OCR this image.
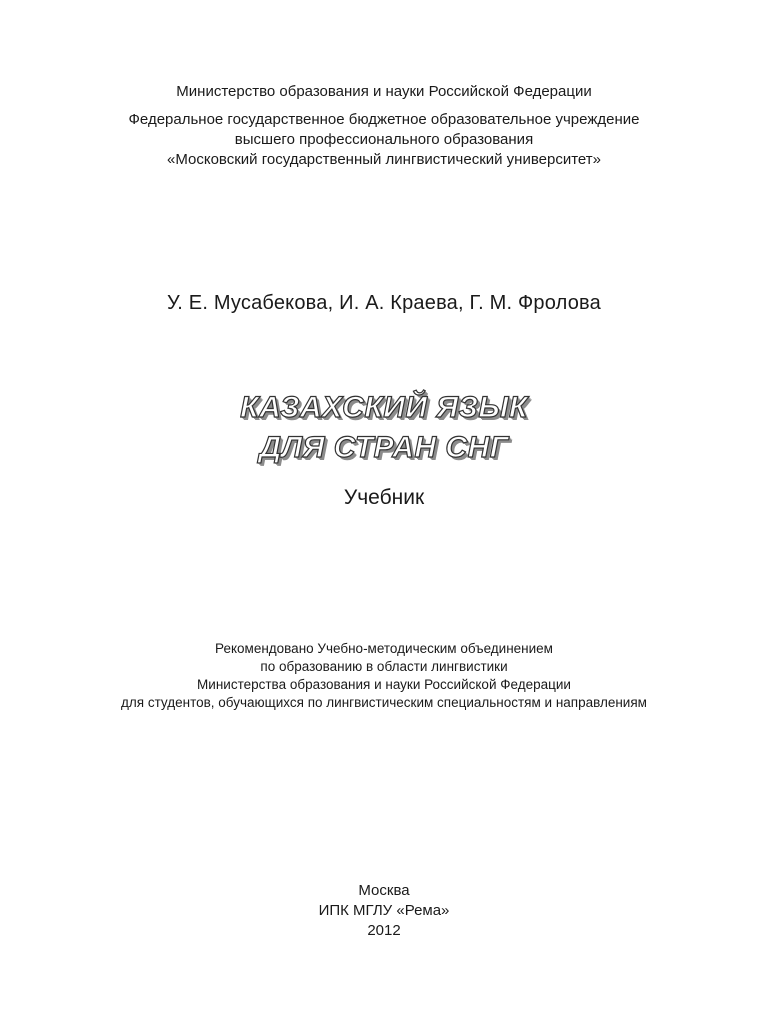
Министерство образования и науки Российской Федерации
Федеральное государственное бюджетное образовательное учреждение
высшего профессионального образования
«Московский государственный лингвистический университет»
У. Е. Мусабекова, И. А. Краева, Г. М. Фролова
КАЗАХСКИЙ ЯЗЫК
ДЛЯ СТРАН СНГ
Учебник
Рекомендовано Учебно-методическим объединением
по образованию в области лингвистики
Министерства образования и науки Российской Федерации
для студентов, обучающихся по лингвистическим специальностям и направлениям
Москва
ИПК МГЛУ «Рема»
2012
